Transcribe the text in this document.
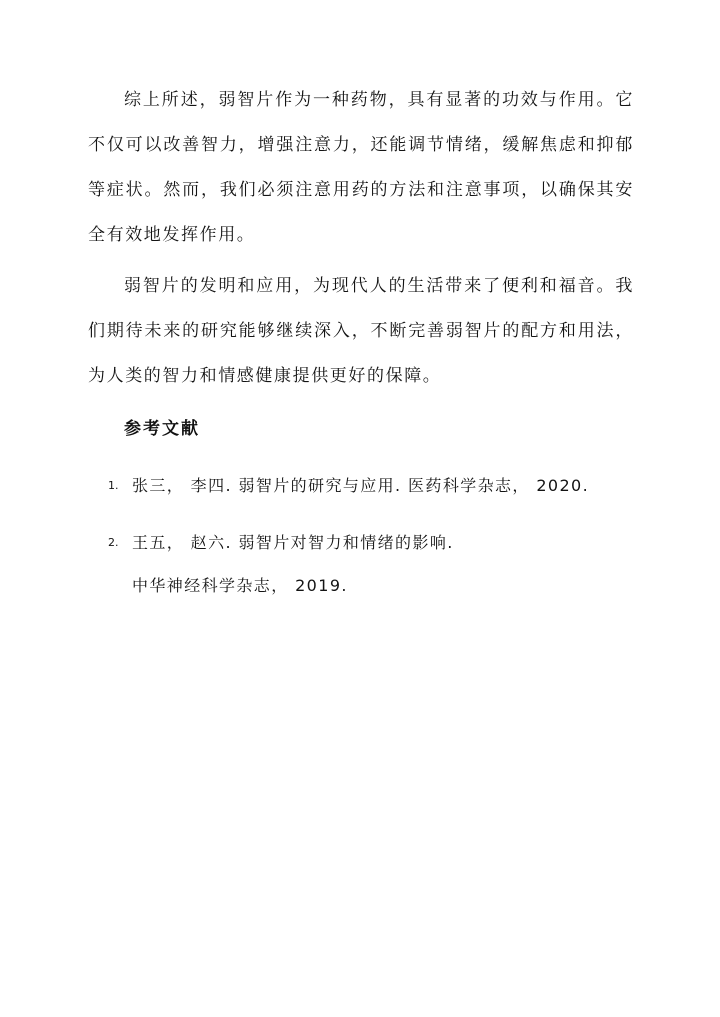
综上所述，弱智片作为一种药物，具有显著的功效与作用。它不仅可以改善智力，增强注意力，还能调节情绪，缓解焦虑和抑郁等症状。然而，我们必须注意用药的方法和注意事项，以确保其安全有效地发挥作用。

弱智片的发明和应用，为现代人的生活带来了便利和福音。我们期待未来的研究能够继续深入，不断完善弱智片的配方和用法，为人类的智力和情感健康提供更好的保障。

参考文献
1. 张三， 李四. 弱智片的研究与应用. 医药科学杂志， 2020.
2. 王五， 赵六. 弱智片对智力和情绪的影响.
中华神经科学杂志， 2019.
